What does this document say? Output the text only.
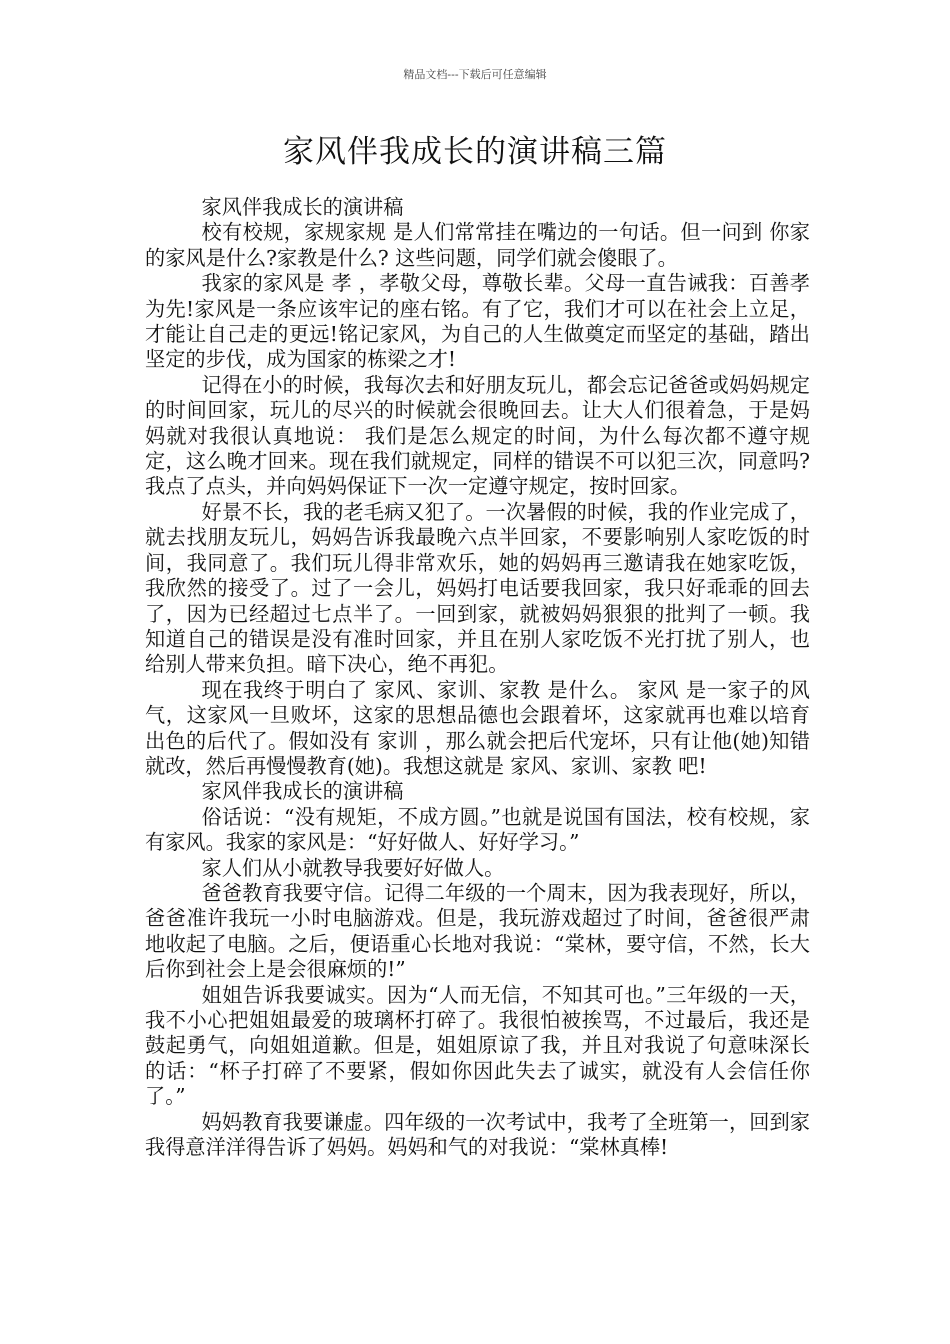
精品文档---下载后可任意编辑
家风伴我成长的演讲稿三篇

家风伴我成长的演讲稿

校有校规，家规家规 是人们常常挂在嘴边的一句话。但一问到 你家的家风是什么?家教是什么? 这些问题，同学们就会傻眼了。

我家的家风是 孝 ，孝敬父母，尊敬长辈。父母一直告诫我：百善孝为先!家风是一条应该牢记的座右铭。有了它，我们才可以在社会上立足，才能让自己走的更远!铭记家风，为自己的人生做奠定而坚定的基础，踏出坚定的步伐，成为国家的栋梁之才!

记得在小的时候，我每次去和好朋友玩儿，都会忘记爸爸或妈妈规定的时间回家，玩儿的尽兴的时候就会很晚回去。让大人们很着急，于是妈妈就对我很认真地说： 我们是怎么规定的时间，为什么每次都不遵守规定，这么晚才回来。现在我们就规定，同样的错误不可以犯三次，同意吗? 我点了点头，并向妈妈保证下一次一定遵守规定，按时回家。

好景不长，我的老毛病又犯了。一次暑假的时候，我的作业完成了，就去找朋友玩儿，妈妈告诉我最晚六点半回家，不要影响别人家吃饭的时间，我同意了。我们玩儿得非常欢乐，她的妈妈再三邀请我在她家吃饭，我欣然的接受了。过了一会儿，妈妈打电话要我回家，我只好乖乖的回去了，因为已经超过七点半了。一回到家，就被妈妈狠狠的批判了一顿。我知道自己的错误是没有准时回家，并且在别人家吃饭不光打扰了别人，也给别人带来负担。暗下决心，绝不再犯。

现在我终于明白了 家风、家训、家教 是什么。 家风 是一家子的风气，这家风一旦败坏，这家的思想品德也会跟着坏，这家就再也难以培育出色的后代了。假如没有 家训 ，那么就会把后代宠坏，只有让他(她)知错就改，然后再慢慢教育(她)。我想这就是 家风、家训、家教 吧!

家风伴我成长的演讲稿

俗话说：“没有规矩，不成方圆。”也就是说国有国法，校有校规，家有家风。我家的家风是：“好好做人、好好学习。”

家人们从小就教导我要好好做人。

爸爸教育我要守信。记得二年级的一个周末，因为我表现好，所以，爸爸准许我玩一小时电脑游戏。但是，我玩游戏超过了时间，爸爸很严肃地收起了电脑。之后，便语重心长地对我说：“棠林，要守信，不然，长大后你到社会上是会很麻烦的!”

姐姐告诉我要诚实。因为“人而无信，不知其可也。”三年级的一天，我不小心把姐姐最爱的玻璃杯打碎了。我很怕被挨骂，不过最后，我还是鼓起勇气，向姐姐道歉。但是，姐姐原谅了我，并且对我说了句意味深长的话：“杯子打碎了不要紧，假如你因此失去了诚实，就没有人会信任你了。”

妈妈教育我要谦虚。四年级的一次考试中，我考了全班第一，回到家我得意洋洋得告诉了妈妈。妈妈和气的对我说：“棠林真棒!
